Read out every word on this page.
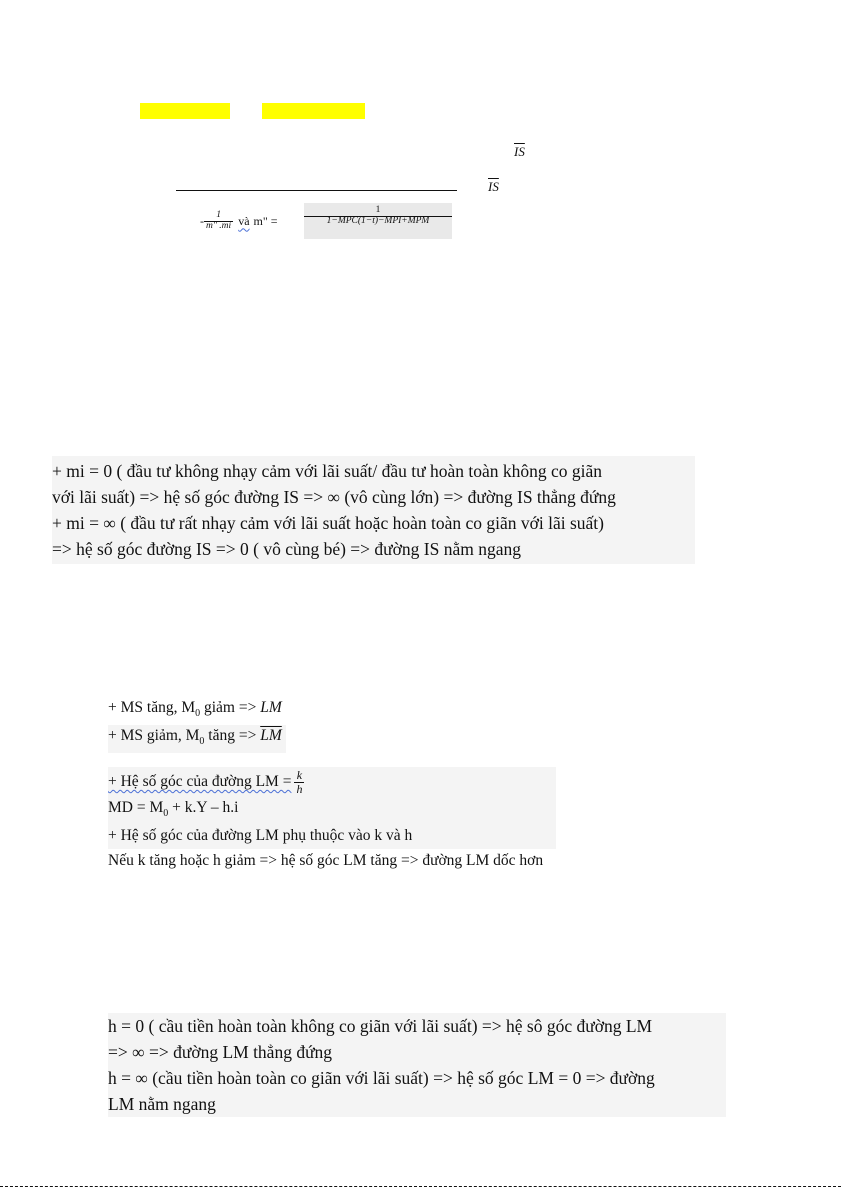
$\overline{IS}$
$\overline{IS}$
- $\frac{1}{m'' .mi}$ và m" =
1
1−MPC(1−t)−MPI+MPM
+ mi = 0 ( đầu tư không nhạy cảm với lãi suất/ đầu tư hoàn toàn không co giãn
với lãi suất) => hệ số góc đường IS => ∞ (vô cùng lớn) => đường IS thẳng đứng
+ mi = ∞ ( đầu tư rất nhạy cảm với lãi suất hoặc hoàn toàn co giãn với lãi suất)
=> hệ số góc đường IS => 0 ( vô cùng bé) => đường IS nằm ngang
+ MS tăng, $M_0$ giảm => LM
+ MS giảm, $M_0$ tăng => $\overline{LM}$
+ Hệ số góc của đường LM = $\frac{k}{h}$
MD = $M_0 + k.Y - h.i$
+ Hệ số góc của đường LM phụ thuộc vào k và h
Nếu k tăng hoặc h giảm => hệ số góc LM tăng => đường LM dốc hơn
h = 0 ( cầu tiền hoàn toàn không co giãn với lãi suất) => hệ sô góc đường LM
=> ∞ => đường LM thẳng đứng
h = ∞ (cầu tiền hoàn toàn co giãn với lãi suất) => hệ số góc LM = 0 => đường
LM nằm ngang
